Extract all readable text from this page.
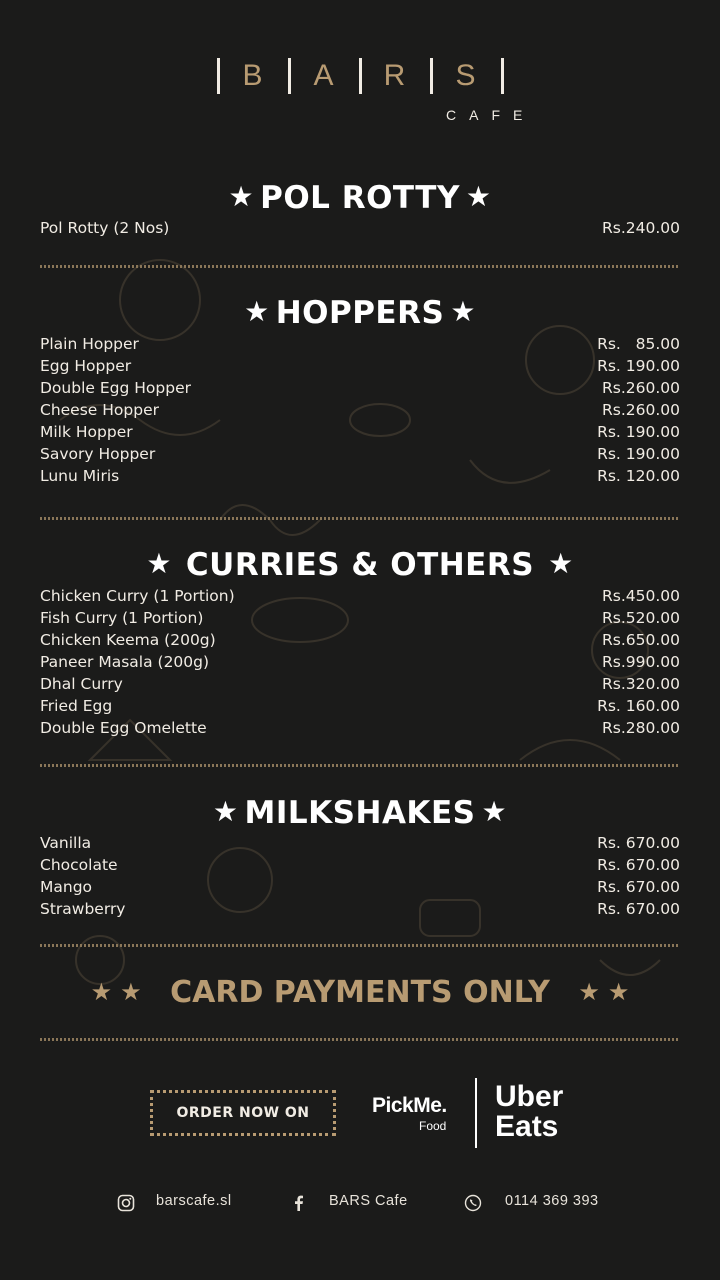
B A R S
CAFE
★ POL ROTTY ★
Pol Rotty (2 Nos)	Rs.240.00
★ HOPPERS ★
Plain Hopper	Rs.   85.00
Egg Hopper	Rs. 190.00
Double Egg Hopper	Rs.260.00
Cheese Hopper	Rs.260.00
Milk Hopper	Rs. 190.00
Savory Hopper	Rs. 190.00
Lunu Miris	Rs. 120.00
★ CURRIES & OTHERS ★
Chicken Curry (1 Portion)	Rs.450.00
Fish Curry (1 Portion)	Rs.520.00
Chicken Keema (200g)	Rs.650.00
Paneer Masala (200g)	Rs.990.00
Dhal Curry	Rs.320.00
Fried Egg	Rs. 160.00
Double Egg Omelette	Rs.280.00
★ MILKSHAKES ★
Vanilla	Rs. 670.00
Chocolate	Rs. 670.00
Mango	Rs. 670.00
Strawberry	Rs. 670.00
★ ★ CARD PAYMENTS ONLY ★ ★
ORDER NOW ON	PickMe.
Food
Uber
Eats
barscafe.sl	BARS Cafe	0114 369 393
